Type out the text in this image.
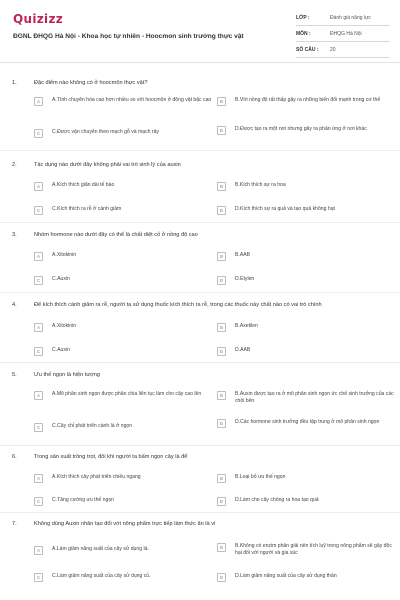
Quizizz
ĐGNL ĐHQG Hà Nội - Khoa học tự nhiên - Hoocmon sinh trưởng thực vật
LỚP :	Đánh giá năng lực
MÔN :	ĐHQG Hà Nội
SỐ CÂU :	20
1.	Đặc điểm nào không có ở hoocmôn thực vật?
A	A.Tính chuyên hóa cao hơn nhiều so với hoocmôn ở động vật bậc cao	B	B.Với nồng độ rất thấp gây ra những biến đổi mạnh trong cơ thể
C	C.Được vận chuyển theo mạch gỗ và mạch rây	D	D.Được tạo ra một nơi nhưng gây ra phản ứng ở nơi khác
2.	Tác dụng nào dưới đây không phải vai trò sinh lý của auxin
A	A.Kích thích giãn dài tế bào	B	B.Kích thích sự ra hoa
C	C.Kích thích ra rễ ở cành giâm	D	D.Kích thích sự ra quả và tạo quả không hạt
3.	Nhóm hormone nào dưới đây có thể là chất diệt cỏ ở nồng độ cao
A	A.Xitokinin	B	B.AAB
C	C.Auxin	D	D.Etylen
4.	Để kích thích cành giâm ra rễ, người ta sử dụng thuốc kích thích ra rễ, trong các thuốc này chất nào có vai trò chính
A	A.Xitokinin	B	B.Axetilen
C	C.Auxin	D	D.AAB
5.	Ưu thế ngọn là hiện tượng
A	A.Mô phân sinh ngọn được phân chia liên tục làm cho cây cao lên	B	B.Auxin được tạo ra ở mô phân sinh ngọn ức chế sinh trưởng của các chồi bên
C	C.Cây chỉ phát triển cành lá ở ngọn	D	D.Các hormone sinh trưởng đều tập trung ở mô phân sinh ngọn
6.	Trong sản xuất trồng trọt, đôi khi người ta bấm ngọn cây là để
A	A.Kích thích cây phát triển chiều ngang	B	B.Loại bỏ ưu thế ngọn
C	C.Tăng cường ưu thế ngọn	D	D.Làm cho cây chóng ra hoa tạo quả
7.	Không dùng Auxin nhân tạo đối với nông phẩm trực tiếp làm thức ăn là vì
A	A.Làm giảm năng suất của cây sử dụng lá.	B	B.Không có enzim phân giải nên tích luỹ trong nông phẩm sẽ gây độc hại đối với người và gia súc
C	C.Làm giảm năng suất của cây sử dụng củ.	D	D.Làm giảm năng suất của cây sử dụng thân
